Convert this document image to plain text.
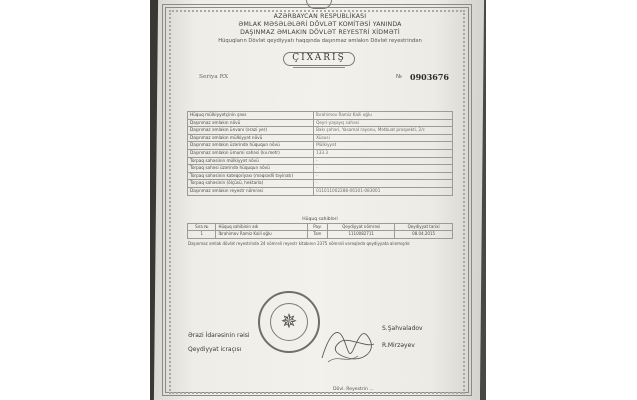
AZƏRBAYCAN RESPUBLİKASI
ƏMLAK MƏSƏLƏLƏRİ DÖVLƏT KOMİTƏSİ YANINDA
DAŞINMAZ ƏMLAKIN DÖVLƏT REYESTRİ XİDMƏTİ
Hüquqların Dövlət qeydiyyatı haqqında daşınmaz əmlakın Dövlət reyestrindən
ÇIXARIŞ
Seriya RX	№ 0903676
Hüquq mülkiyyətçinin şəxs	İbrahimov Ramiz Kaili oğlu
Daşınmaz əmlakın növü	Qeyri-yaşayış sahəsi
Daşınmaz əmlakın ünvanı (ərazi yer)	Bakı şəhəri, Yasamal rayonu, Mətbuat prospekti, 2/c
Daşınmaz əmlakın mülkiyyət növü	Xüsusi
Daşınmaz əmlakın üzərində hüququn növü	Mülkiyyət
Daşınmaz əmlakın ümumi sahəsi (kv.metr)	133.3
Torpaq sahəsinin mülkiyyət növü	-
Torpaq sahəsi üzərində hüququn növü	-
Torpaq sahəsinin kateqoriyası (məqsədli təyinatı)	-
Torpaq sahəsinin (ölçüsü, hektarla)	-
Daşınmaz əmlakın reyestr nömrəsi	011011002288-06101-083001
Hüquq sahibləri
Sıra №	Hüquq sahibinin adı	Payı	Qeydiyyat nömrəsi	Qeydiyyat tarixi
1	İbrahimov Ramiz Kaili oğlu	Tam	1110082711	08.04.2015
Daşınmaz əmlak dövlət reyestrində 24 nömrəli reyestr kitabının 2375 nömrəli vərəqində qeydiyyata alınmışdır.
✵
Ərazi İdarəsinin rəisi
Qeydiyyat icraçısı
S.Şahvaladov
R.Mirzəyev
Dövl. Reyestrin ...
